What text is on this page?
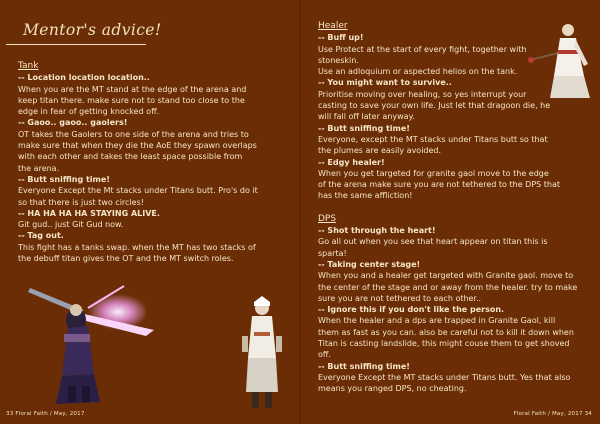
Mentor's advice!

Tank

-- Location location location..

When you are the MT stand at the edge of the arena and

keep titan there. make sure not to stand too close to the

edge in fear of getting knocked off.

-- Gaoo.. gaoo.. gaolers!

OT takes the Gaolers to one side of the arena and tries to

make sure that when they die the AoE they spawn overlaps

with each other and takes the least space possible from

the arena.

-- Butt sniffing time!

Everyone Except the Mt stacks under Titans butt. Pro's do it

so that there is just two circles!

-- HA HA HA HA STAYING ALIVE.

Git gud.. just Git Gud now.

-- Tag out.

This fight has a tanks swap. when the MT has two stacks of

the debuff titan gives the OT and the MT switch roles.

Healer

-- Buff up!

Use Protect at the start of every fight, together with

stoneskin.

Use an adloquium or aspected helios on the tank.

-- You might want to survive..

Prioritise moving over healing, so yes interrupt your

casting to save your own life. Just let that dragoon die, he

will fall off later anyway.

-- Butt sniffing time!

Everyone, except the MT stacks under Titans butt so that

the plumes are easily avoided.

-- Edgy healer!

When you get targeted for granite gaol move to the edge

of the arena make sure you are not tethered to the DPS that

has the same affliction!

DPS

-- Shot through the heart!

Go all out when you see that heart appear on titan this is

sparta!

-- Taking center stage!

When you and a healer get targeted with Granite gaol. move to

the center of the stage and or away from the healer. try to make

sure you are not tethered to each other..

-- Ignore this if you don't like the person.

When the healer and a dps are trapped in Granite Gaol, kill

them as fast as you can. also be careful not to kill it down when

Titan is casting landslide, this might couse them to get shoved

off.

-- Butt sniffing time!

Everyone Except the MT stacks under Titans butt. Yes that also

means you ranged DPS, no cheating.

33 Floral Faith / May, 2017	Floral Faith / May, 2017 34
